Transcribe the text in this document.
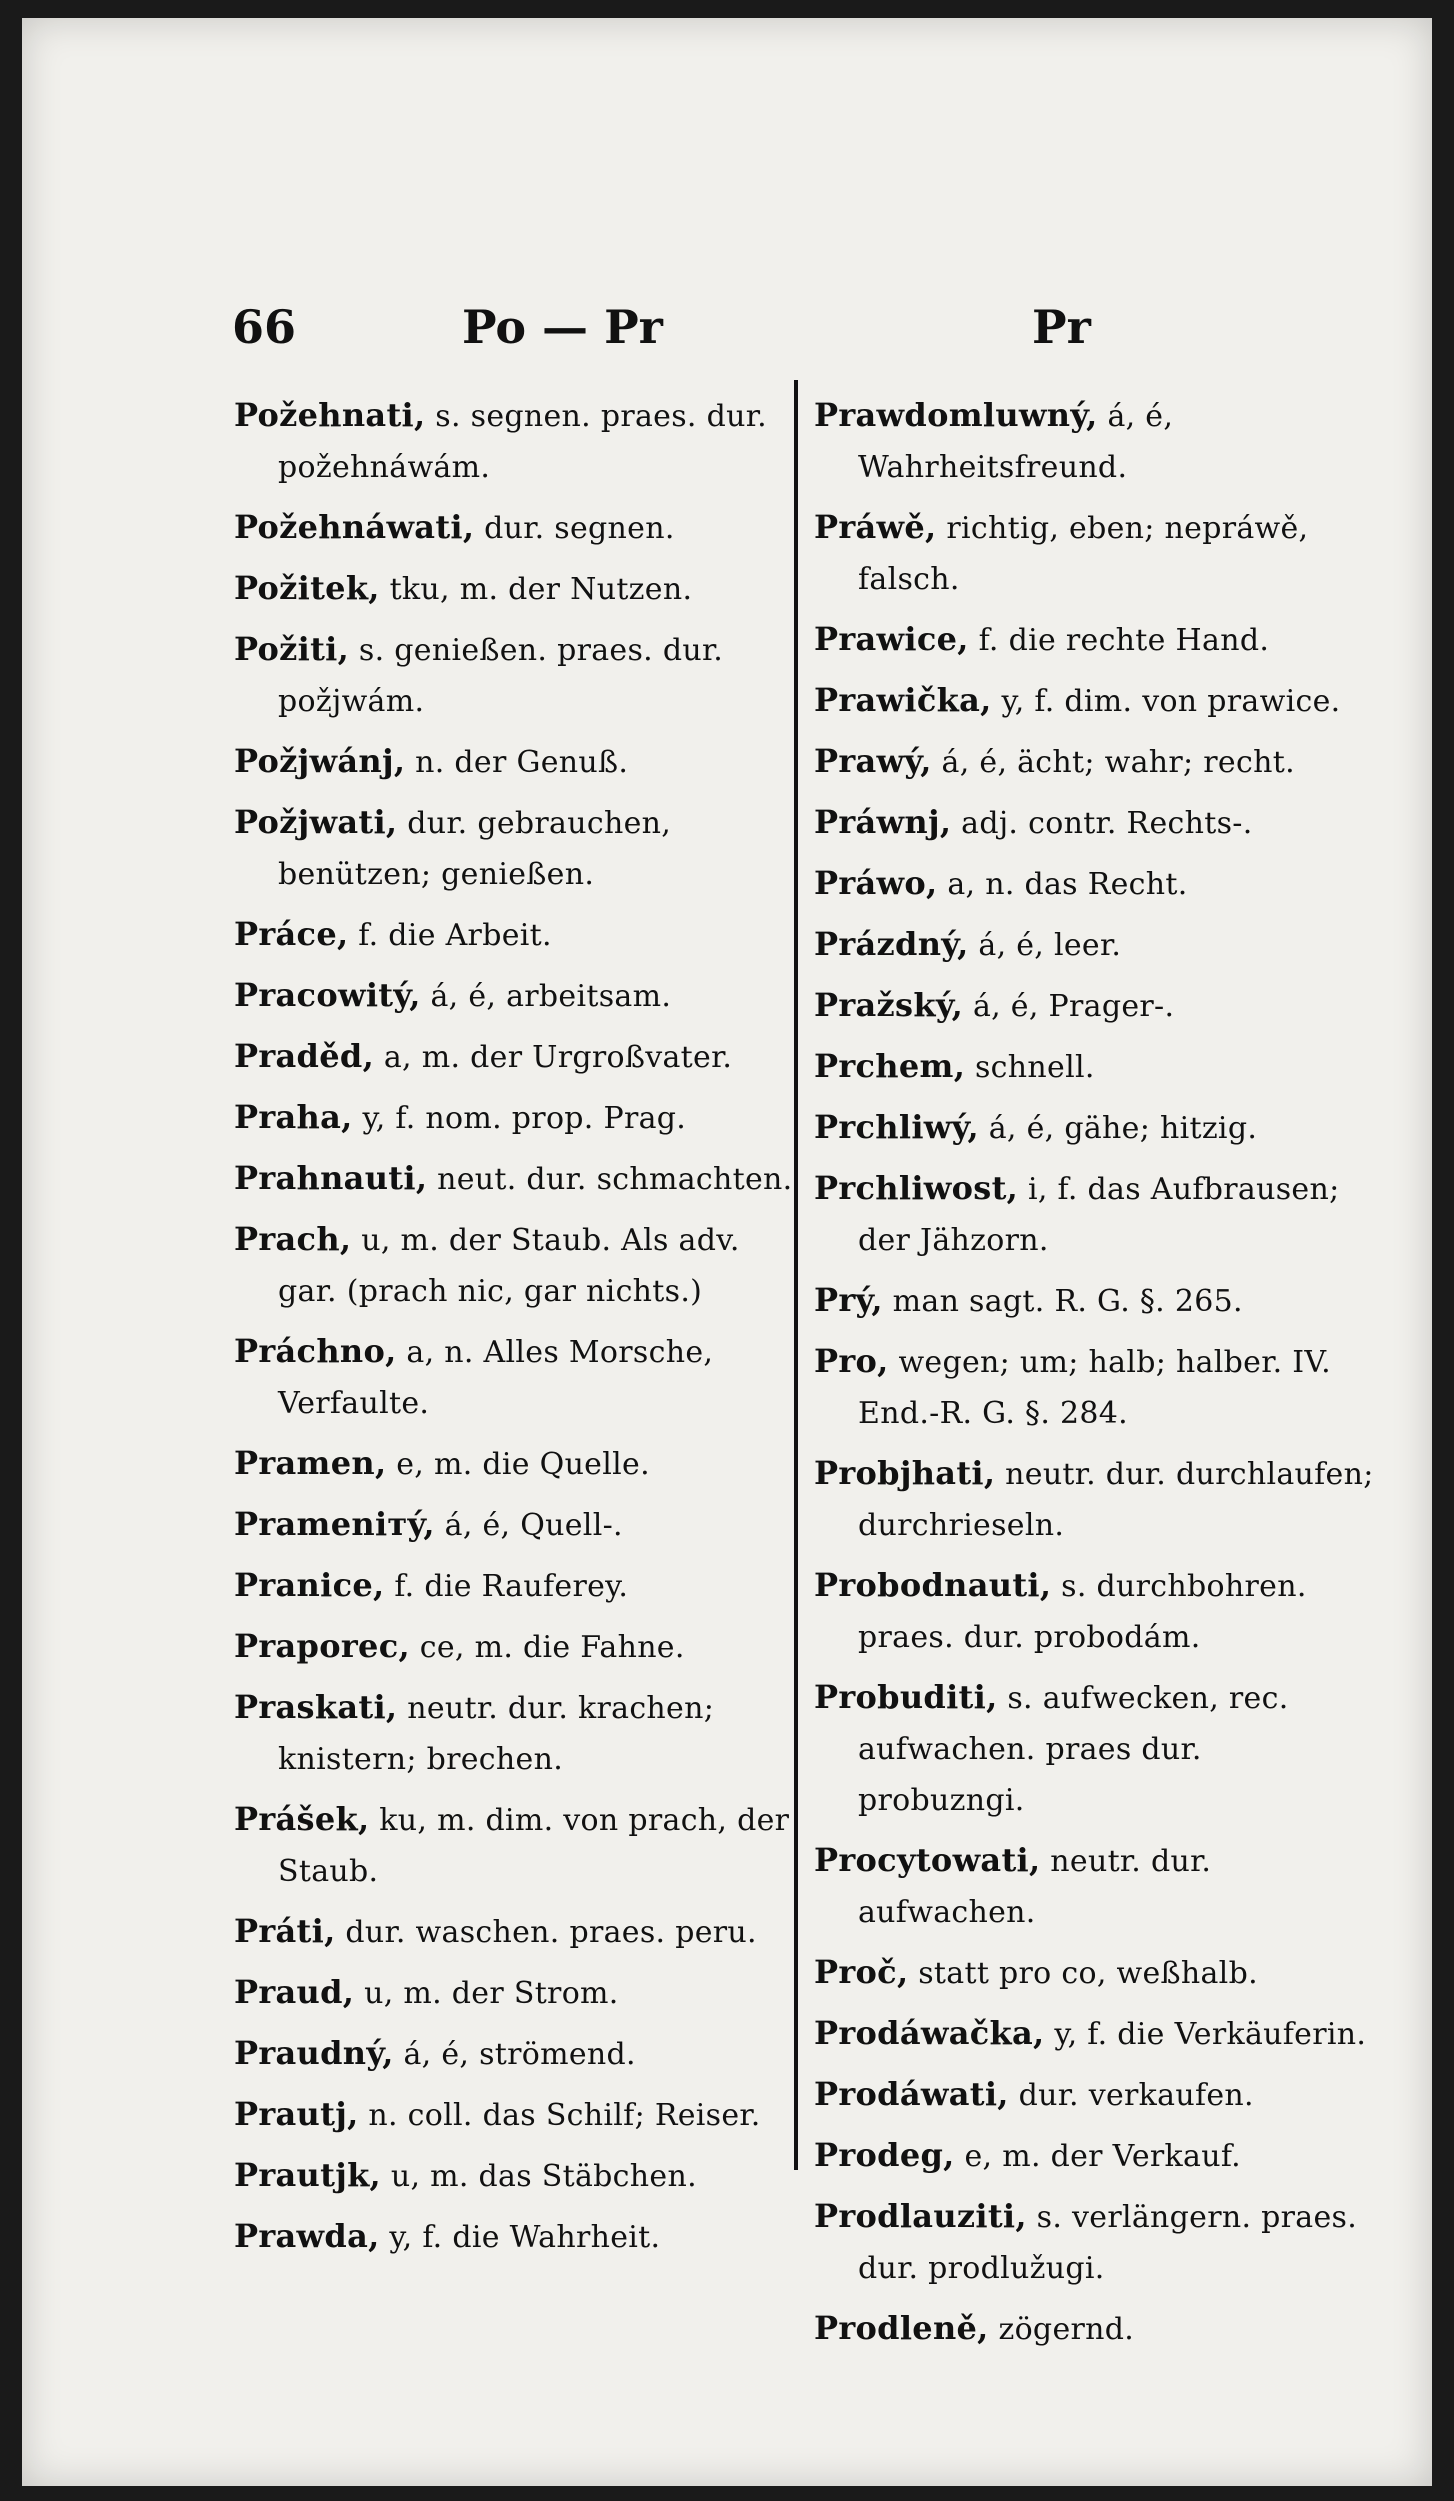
66	Po — Pr	Pr
Požehnati, s. segnen. praes. dur. požehnáwám.
Požehnáwati, dur. segnen.
Požitek, tku, m. der Nutzen.
Požiti, s. genießen. praes. dur. požjwám.
Požjwánj, n. der Genuß.
Požjwati, dur. gebrauchen, benützen; genießen.
Práce, f. die Arbeit.
Pracowitý, á, é, arbeitsam.
Praděd, a, m. der Urgroßvater.
Praha, y, f. nom. prop. Prag.
Prahnauti, neut. dur. schmachten.
Prach, u, m. der Staub. Als adv. gar. (prach nic, gar nichts.)
Práchno, a, n. Alles Morsche, Verfaulte.
Pramen, e, m. die Quelle.
Prameniтý, á, é, Quell-.
Pranice, f. die Rauferey.
Praporec, ce, m. die Fahne.
Praskati, neutr. dur. krachen; knistern; brechen.
Prášek, ku, m. dim. von prach, der Staub.
Práti, dur. waschen. praes. peru.
Praud, u, m. der Strom.
Praudný, á, é, strömend.
Prautj, n. coll. das Schilf; Reiser.
Prautjk, u, m. das Stäbchen.
Prawda, y, f. die Wahrheit.
Prawdomluwný, á, é, Wahrheitsfreund.
Práwě, richtig, eben; nepráwě, falsch.
Prawice, f. die rechte Hand.
Prawička, y, f. dim. von prawice.
Prawý, á, é, ächt; wahr; recht.
Práwnj, adj. contr. Rechts-.
Práwo, a, n. das Recht.
Prázdný, á, é, leer.
Pražský, á, é, Prager-.
Prchem, schnell.
Prchliwý, á, é, gähe; hitzig.
Prchliwost, i, f. das Aufbrausen; der Jähzorn.
Prý, man sagt. R. G. §. 265.
Pro, wegen; um; halb; halber. IV. End.-R. G. §. 284.
Probjhati, neutr. dur. durchlaufen; durchrieseln.
Probodnauti, s. durchbohren. praes. dur. probodám.
Probuditi, s. aufwecken, rec. aufwachen. praes dur. probuzngi.
Procytowati, neutr. dur. aufwachen.
Proč, statt pro co, weßhalb.
Prodáwačka, y, f. die Verkäuferin.
Prodáwati, dur. verkaufen.
Prodeg, e, m. der Verkauf.
Prodlauziti, s. verlängern. praes. dur. prodlužugi.
Prodleně, zögernd.
